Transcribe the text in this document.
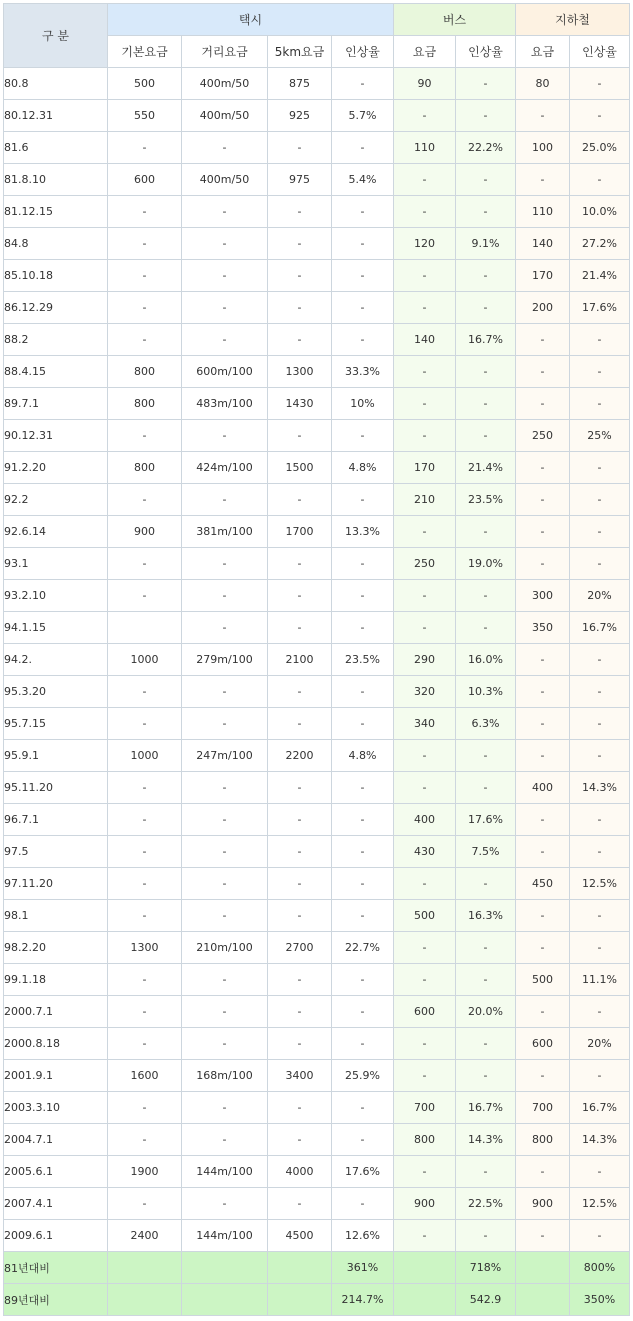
구 분	택시				버스		지하철	
	기본요금	거리요금	5km요금	인상율	요금	인상율	요금	인상율
80.8	500	400m/50	875	-	90	-	80	-
80.12.31	550	400m/50	925	5.7%	-	-	-	-
81.6	-	-	-	-	110	22.2%	100	25.0%
81.8.10	600	400m/50	975	5.4%	-	-	-	-
81.12.15	-	-	-	-	-	-	110	10.0%
84.8	-	-	-	-	120	9.1%	140	27.2%
85.10.18	-	-	-	-	-	-	170	21.4%
86.12.29	-	-	-	-	-	-	200	17.6%
88.2	-	-	-	-	140	16.7%	-	-
88.4.15	800	600m/100	1300	33.3%	-	-	-	-
89.7.1	800	483m/100	1430	10%	-	-	-	-
90.12.31	-	-	-	-	-	-	250	25%
91.2.20	800	424m/100	1500	4.8%	170	21.4%	-	-
92.2	-	-	-	-	210	23.5%	-	-
92.6.14	900	381m/100	1700	13.3%	-	-	-	-
93.1	-	-	-	-	250	19.0%	-	-
93.2.10	-	-	-	-	-	-	300	20%
94.1.15		-	-	-	-	-	350	16.7%
94.2.	1000	279m/100	2100	23.5%	290	16.0%	-	-
95.3.20	-	-	-	-	320	10.3%	-	-
95.7.15	-	-	-	-	340	6.3%	-	-
95.9.1	1000	247m/100	2200	4.8%	-	-	-	-
95.11.20	-	-	-	-	-	-	400	14.3%
96.7.1	-	-	-	-	400	17.6%	-	-
97.5	-	-	-	-	430	7.5%	-	-
97.11.20	-	-	-	-	-	-	450	12.5%
98.1	-	-	-	-	500	16.3%	-	-
98.2.20	1300	210m/100	2700	22.7%	-	-	-	-
99.1.18	-	-	-	-	-	-	500	11.1%
2000.7.1	-	-	-	-	600	20.0%	-	-
2000.8.18	-	-	-	-	-	-	600	20%
2001.9.1	1600	168m/100	3400	25.9%	-	-	-	-
2003.3.10	-	-	-	-	700	16.7%	700	16.7%
2004.7.1	-	-	-	-	800	14.3%	800	14.3%
2005.6.1	1900	144m/100	4000	17.6%	-	-	-	-
2007.4.1	-	-	-	-	900	22.5%	900	12.5%
2009.6.1	2400	144m/100	4500	12.6%	-	-	-	-
81년대비				361%		718%		800%
89년대비				214.7%		542.9		350%
